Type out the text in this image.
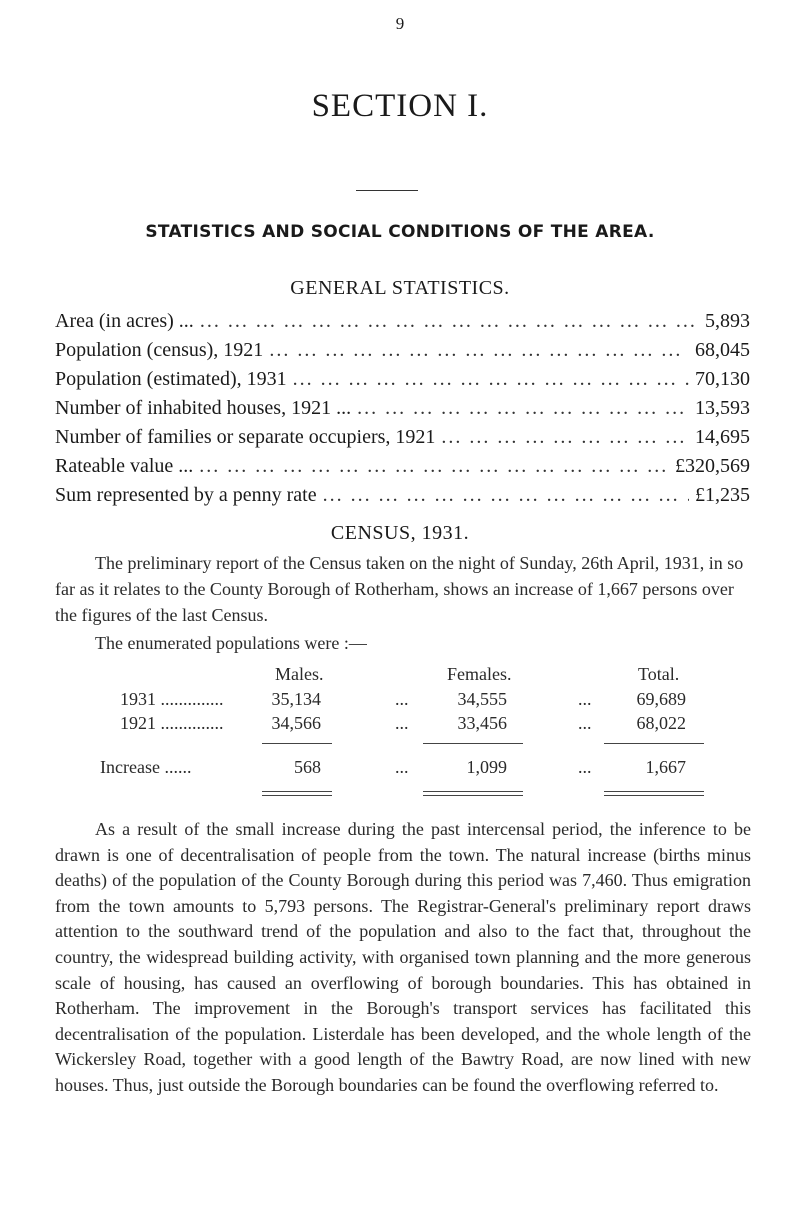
9
SECTION I.
STATISTICS AND SOCIAL CONDITIONS OF THE AREA.
GENERAL STATISTICS.
Area (in acres) ... ... .	5,893
Population (census), 1921 ... .	68,045
Population (estimated), 1931 ... .	70,130
Number of inhabited houses, 1921 ... ... .	13,593
Number of families or separate occupiers, 1921 ... .	14,695
Rateable value ... ... .	£320,569
Sum represented by a penny rate ... .	£1,235
CENSUS, 1931.

The preliminary report of the Census taken on the night of Sunday, 26th April, 1931, in so far as it relates to the County Borough of Rotherham, shows an increase of 1,667 persons over the figures of the last Census.

The enumerated populations were :—

Males.	Females.	Total.
1931 ..............	35,134	...	34,555	...	69,689
1921 ..............	34,566	...	33,456	...	68,022
Increase ......	568	...	1,099	...	1,667

As a result of the small increase during the past intercensal period, the inference to be drawn is one of decentralisation of people from the town. The natural increase (births minus deaths) of the population of the County Borough during this period was 7,460. Thus emigration from the town amounts to 5,793 persons. The Registrar-General's preliminary report draws attention to the southward trend of the population and also to the fact that, throughout the country, the widespread building activity, with organised town planning and the more generous scale of housing, has caused an overflowing of borough boundaries. This has obtained in Rotherham. The improvement in the Borough's transport services has facilitated this decentralisation of the population. Listerdale has been developed, and the whole length of the Wickersley Road, together with a good length of the Bawtry Road, are now lined with new houses. Thus, just outside the Borough boundaries can be found the overflowing referred to.
